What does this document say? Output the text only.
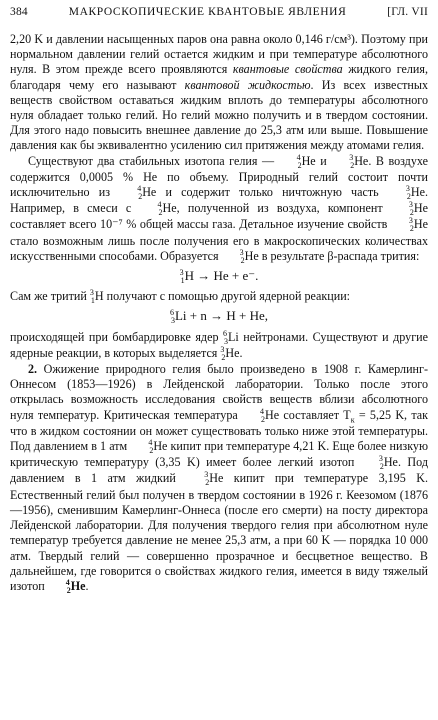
384	МАКРОСКОПИЧЕСКИЕ КВАНТОВЫЕ ЯВЛЕНИЯ	[ГЛ. VII

2,20 K и давлении насыщенных паров она равна около 0,146 г/см³). Поэтому при нормальном давлении гелий остается жидким и при температуре абсолютного нуля. В этом прежде всего проявляются квантовые свойства жидкого гелия, благодаря чему его называют квантовой жидкостью. Из всех известных веществ свойством оставаться жидким вплоть до температуры абсолютного нуля обладает только гелий. Но гелий можно получить и в твердом состоянии. Для этого надо повысить внешнее давление до 25,3 атм или выше. Повышение давления как бы эквивалентно усилению сил притяжения между атомами гелия.

Существуют два стабильных изотопа гелия — $^4_2$He и $^3_2$He. В воздухе содержится 0,0005 % Не по объему. Природный гелий состоит почти исключительно из $^4_2$He и содержит только ничтожную часть $^3_2$He. Например, в смеси с $^4_2$He, полученной из воздуха, компонент $^3_2$He составляет всего 10⁻⁷ % общей массы газа. Детальное изучение свойств $^3_2$He стало возможным лишь после получения его в макроскопических количествах искусственными способами. Образуется $^3_2$He в результате β-распада трития:

$^3_1$H → He + e⁻.

Сам же тритий $^3_1$H получают с помощью другой ядерной реакции:

$^6_3$Li + n → H + He,

происходящей при бомбардировке ядер $^6_3$Li нейтронами. Существуют и другие ядерные реакции, в которых выделяется $^3_2$He.

2. Ожижение природного гелия было произведено в 1908 г. Камерлинг-Оннесом (1853—1926) в Лейденской лаборатории. Только после этого открылась возможность исследования свойств веществ вблизи абсолютного нуля температур. Критическая температура $^4_2$He составляет $T_к = 5,25$ K, так что в жидком состоянии он может существовать только ниже этой температуры. Под давлением в 1 атм $^4_2$He кипит при температуре 4,21 K. Еще более низкую критическую температуру (3,35 K) имеет более легкий изотоп $^3_2$He. Под давлением в 1 атм жидкий $^3_2$He кипит при температуре 3,195 K. Естественный гелий был получен в твердом состоянии в 1926 г. Кеезомом (1876—1956), сменившим Камерлинг-Оннеса (после его смерти) на посту директора Лейденской лаборатории. Для получения твердого гелия при абсолютном нуле температур требуется давление не менее 25,3 атм, а при 60 K — порядка 10 000 атм. Твердый гелий — совершенно прозрачное и бесцветное вещество. В дальнейшем, где говорится о свойствах жидкого гелия, имеется в виду тяжелый изотоп $^4_2$He.
